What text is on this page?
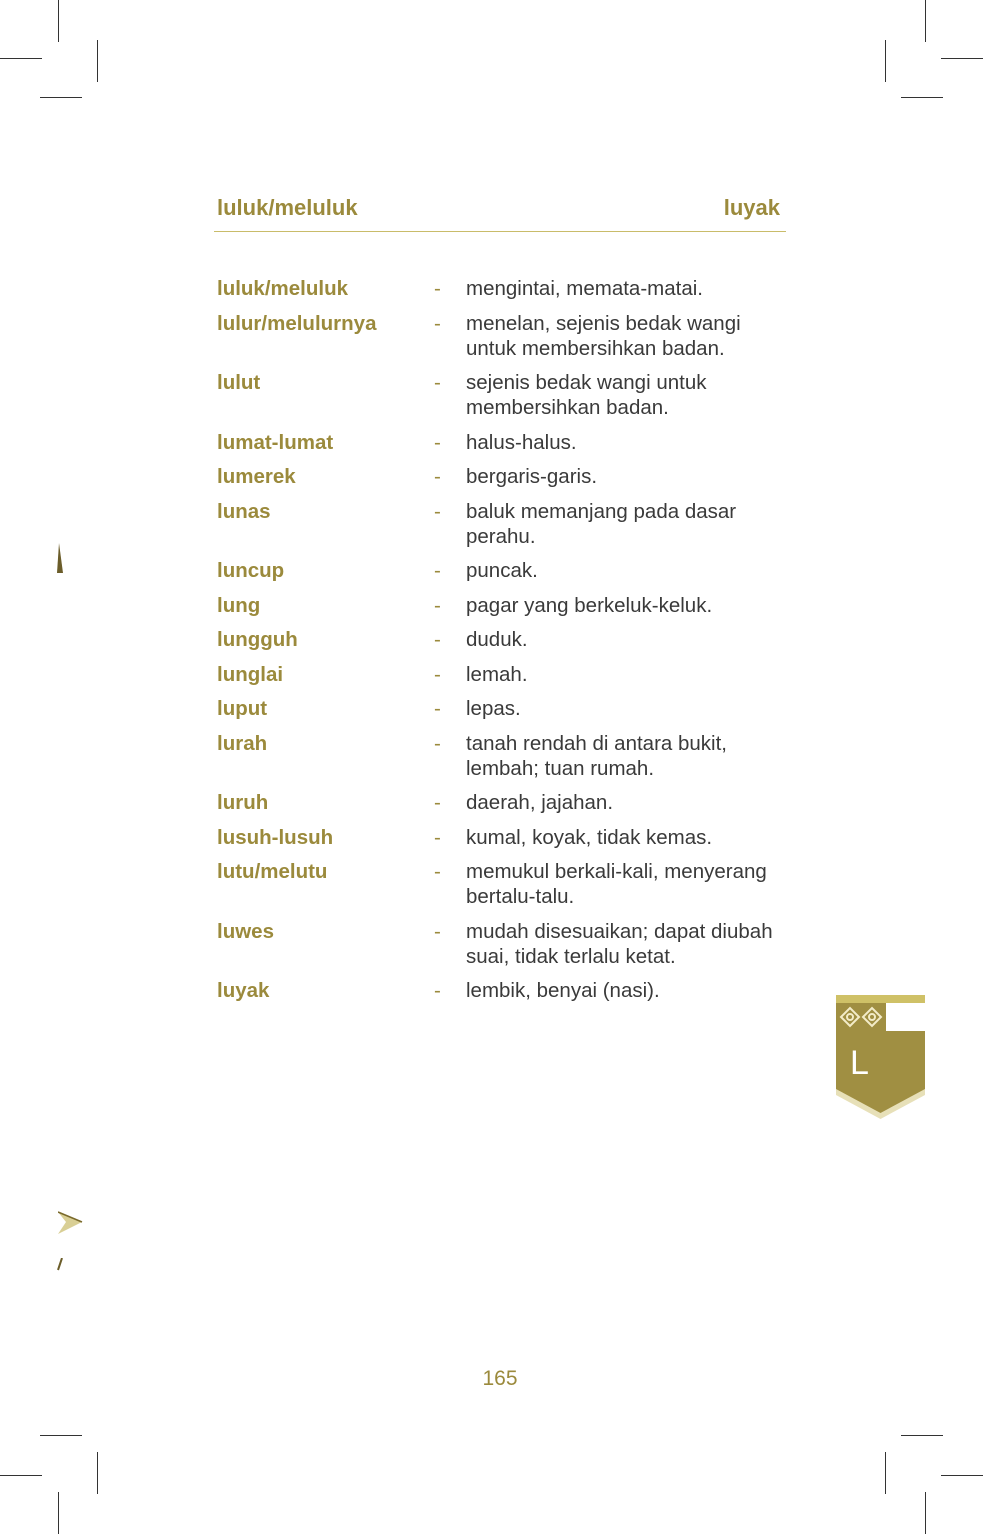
luluk/meluluk	luyak
luluk/meluluk	- mengintai, memata-matai.
lulur/melulurnya	- menelan, sejenis bedak wangi untuk membersihkan badan.
lulut	- sejenis bedak wangi untuk membersihkan badan.
lumat-lumat	- halus-halus.
lumerek	- bergaris-garis.
lunas	- baluk memanjang pada dasar perahu.
luncup	- puncak.
lung	- pagar yang berkeluk-keluk.
lungguh	- duduk.
lunglai	- lemah.
luput	- lepas.
lurah	- tanah rendah di antara bukit, lembah; tuan rumah.
luruh	- daerah, jajahan.
lusuh-lusuh	- kumal, koyak, tidak kemas.
lutu/melutu	- memukul berkali-kali, menyerang bertalu-talu.
luwes	- mudah disesuaikan; dapat diubah suai, tidak terlalu ketat.
luyak	- lembik, benyai (nasi).
L
165
